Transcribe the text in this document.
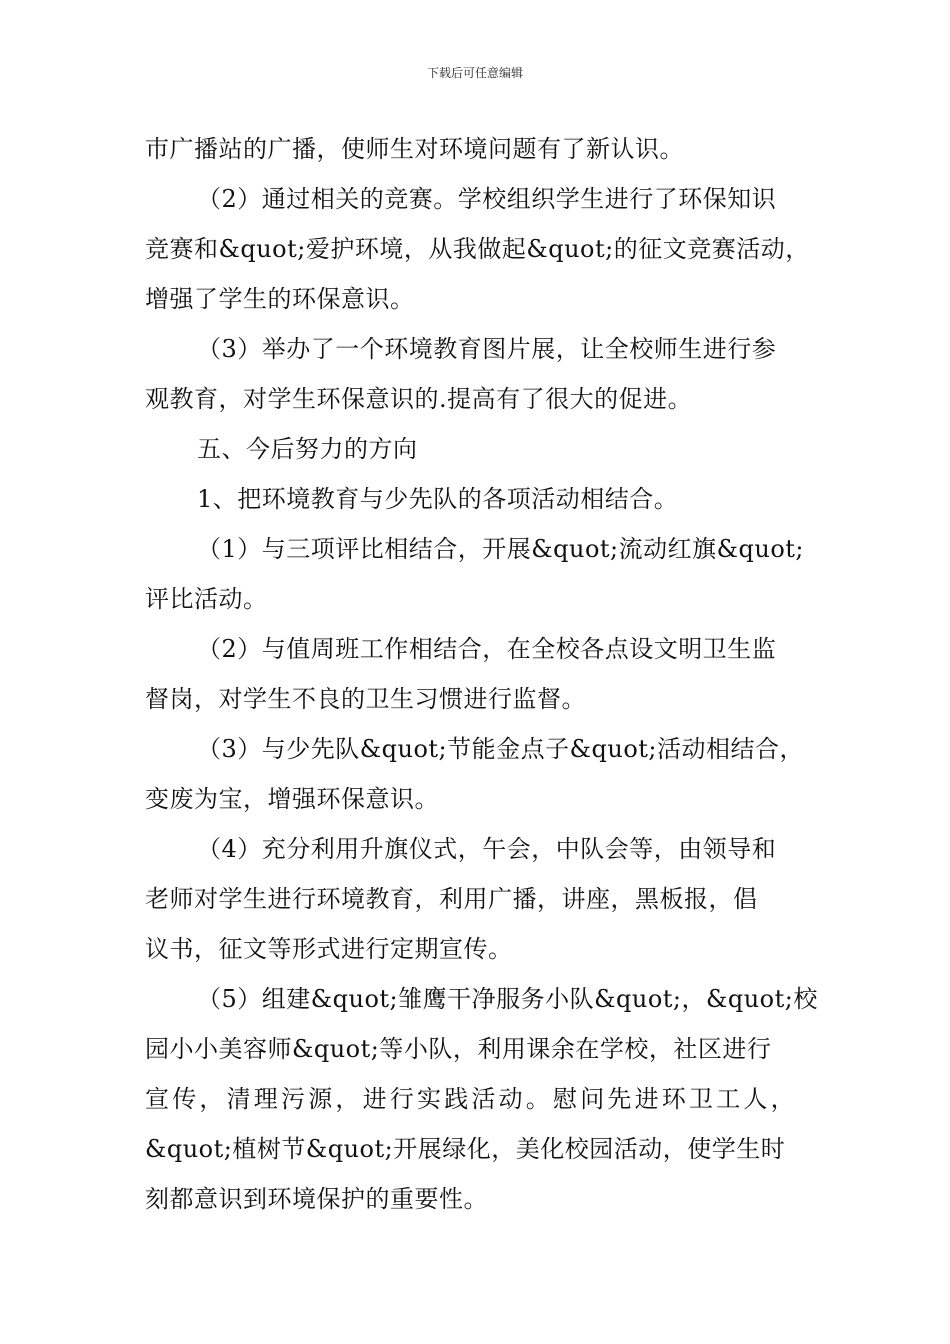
下载后可任意编辑
巿广播站的广播，使师生对环境问题有了新认识。
（2）通过相关的竞赛。学校组织学生进行了环保知识
竞赛和&quot;爱护环境，从我做起&quot;的征文竞赛活动，
增强了学生的环保意识。
（3）举办了一个环境教育图片展，让全校师生进行参
观教育，对学生环保意识的.提高有了很大的促进。
五、今后努力的方向
1、把环境教育与少先队的各项活动相结合。
（1）与三项评比相结合，开展&quot;流动红旗&quot;
评比活动。
（2）与值周班工作相结合，在全校各点设文明卫生监
督岗，对学生不良的卫生习惯进行监督。
（3）与少先队&quot;节能金点子&quot;活动相结合，
变废为宝，增强环保意识。
（4）充分利用升旗仪式，午会，中队会等，由领导和
老师对学生进行环境教育，利用广播，讲座，黑板报，倡
议书，征文等形式进行定期宣传。
（5）组建&quot;雏鹰干净服务小队&quot;，&quot;校
园小小美容师&quot;等小队，利用课余在学校，社区进行
宣传，清理污源，进行实践活动。慰问先进环卫工人，
&quot;植树节&quot;开展绿化，美化校园活动，使学生时
刻都意识到环境保护的重要性。
